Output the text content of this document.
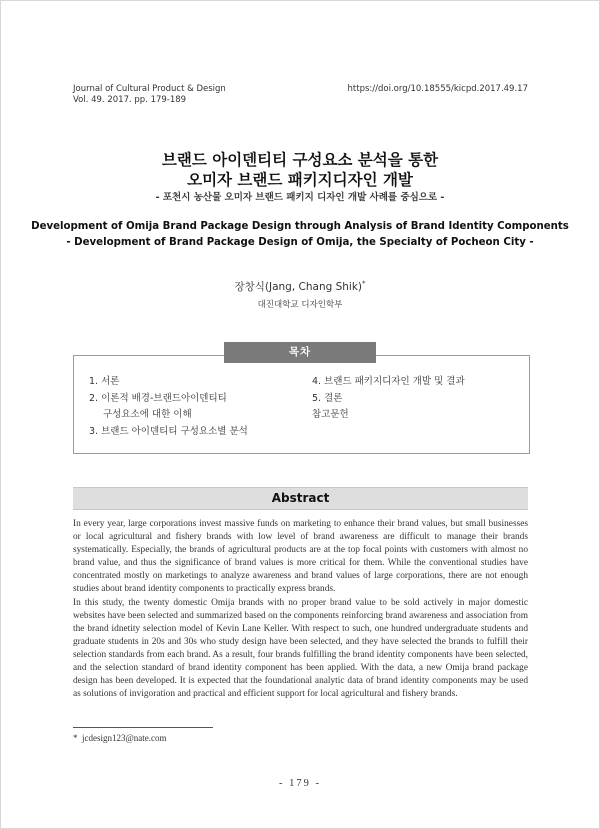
Journal of Cultural Product & Design
Vol. 49. 2017. pp. 179-189
https://doi.org/10.18555/kicpd.2017.49.17
브랜드 아이덴티티 구성요소 분석을 통한
오미자 브랜드 패키지디자인 개발
- 포천시 농산물 오미자 브랜드 패키지 디자인 개발 사례를 중심으로 -
Development of Omija Brand Package Design through Analysis of Brand Identity Components
- Development of Brand Package Design of Omija, the Specialty of Pocheon City -
장창식(Jang, Chang Shik)*
대진대학교 디자인학부
목차
1. 서론
2. 이론적 배경-브랜드아이덴티티
구성요소에 대한 이해
3. 브랜드 아이덴티티 구성요소별 분석
4. 브랜드 패키지디자인 개발 및 결과
5. 결론
참고문헌
Abstract

In every year, large corporations invest massive funds on marketing to enhance their brand values, but small businesses or local agricultural and fishery brands with low level of brand awareness are difficult to manage their brands systematically. Especially, the brands of agricultural products are at the top focal points with customers with almost no brand value, and thus the significance of brand values is more critical for them. While the conventional studies have concentrated mostly on marketings to analyze awareness and brand values of large corporations, there are not enough studies about brand identity components to practically express brands.

In this study, the twenty domestic Omija brands with no proper brand value to be sold actively in major domestic websites have been selected and summarized based on the components reinforcing brand awareness and association from the brand idnetity selection model of Kevin Lane Keller. With respect to such, one hundred undergraduate students and graduate students in 20s and 30s who study design have been selected, and they have selected the brands to fulfill their selection standards from each brand. As a result, four brands fulfilling the brand identity components have been selected, and the selection standard of brand identity component has been applied. With the data, a new Omija brand package design has been developed. It is expected that the foundational analytic data of brand identity components may be used as solutions of invigoration and practical and efficient support for local agricultural and fishery brands.

* jcdesign123@nate.com
- 179 -
